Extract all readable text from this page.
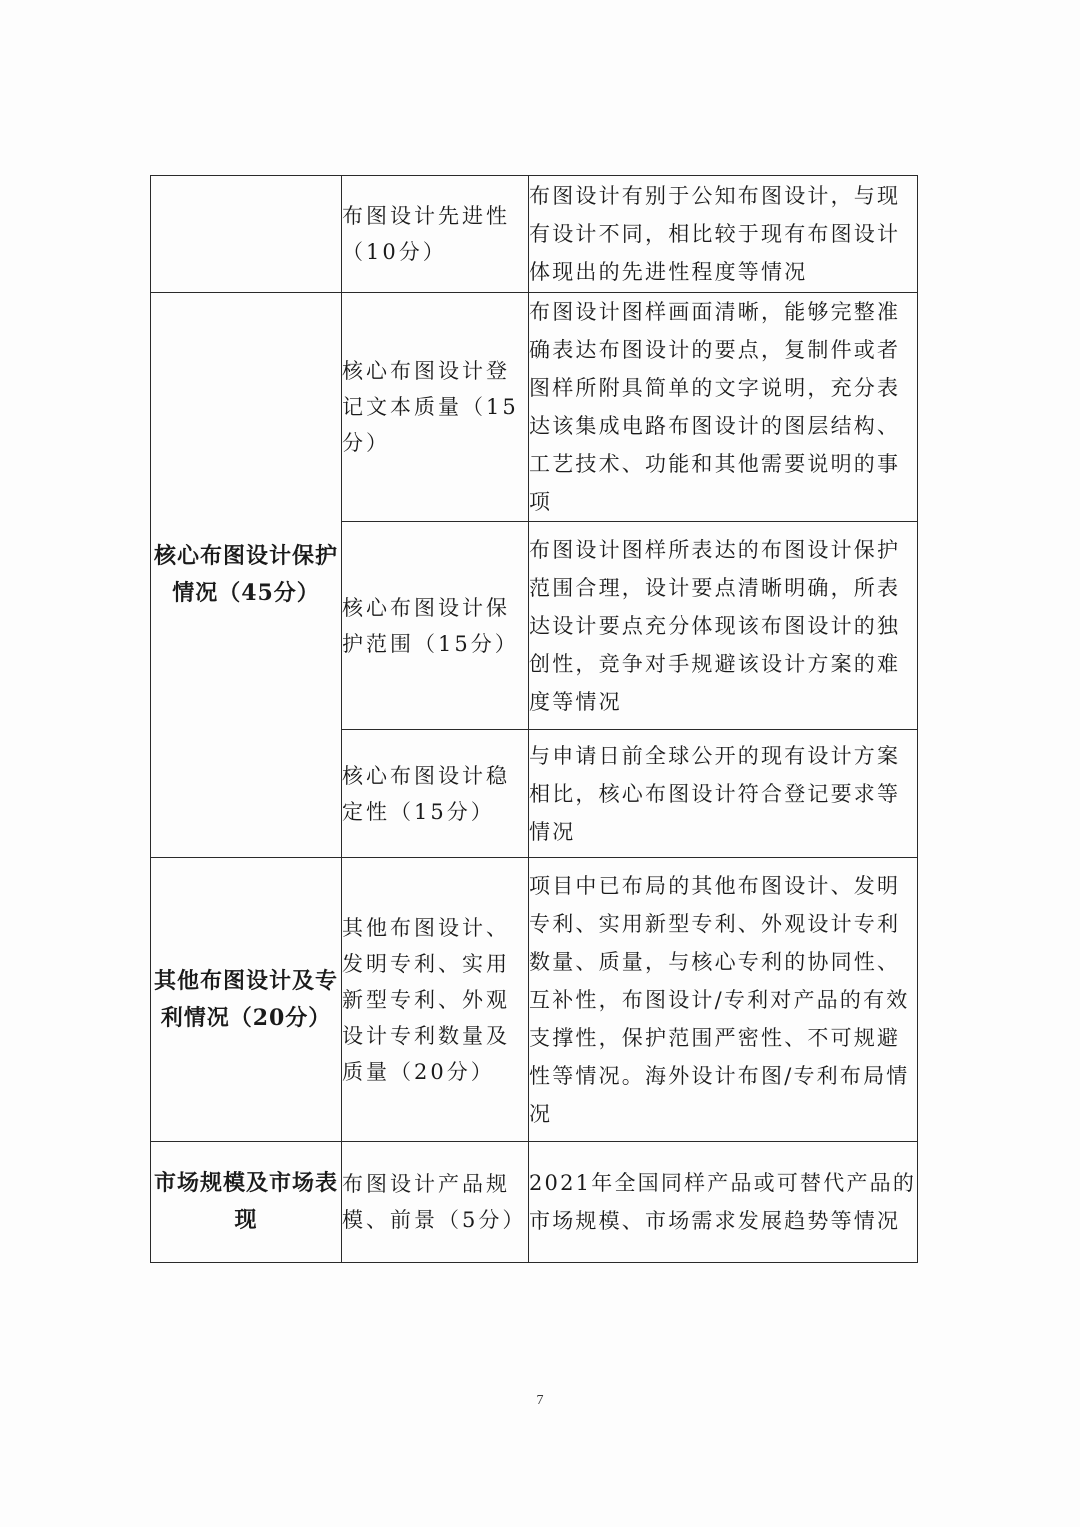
	布图设计先进性（10分）	布图设计有别于公知布图设计，与现有设计不同，相比较于现有布图设计体现出的先进性程度等情况
核心布图设计保护情况（45分）	核心布图设计登记文本质量（15分）	布图设计图样画面清晰，能够完整准确表达布图设计的要点，复制件或者图样所附具简单的文字说明，充分表达该集成电路布图设计的图层结构、工艺技术、功能和其他需要说明的事项
	核心布图设计保护范围（15分）	布图设计图样所表达的布图设计保护范围合理，设计要点清晰明确，所表达设计要点充分体现该布图设计的独创性，竞争对手规避该设计方案的难度等情况
	核心布图设计稳定性（15分）	与申请日前全球公开的现有设计方案相比，核心布图设计符合登记要求等情况
其他布图设计及专利情况（20分）	其他布图设计、发明专利、实用新型专利、外观设计专利数量及质量（20分）	项目中已布局的其他布图设计、发明专利、实用新型专利、外观设计专利数量、质量，与核心专利的协同性、互补性，布图设计/专利对产品的有效支撑性，保护范围严密性、不可规避性等情况。海外设计布图/专利布局情况
市场规模及市场表现	布图设计产品规模、前景（5分）	2021年全国同样产品或可替代产品的市场规模、市场需求发展趋势等情况
7
